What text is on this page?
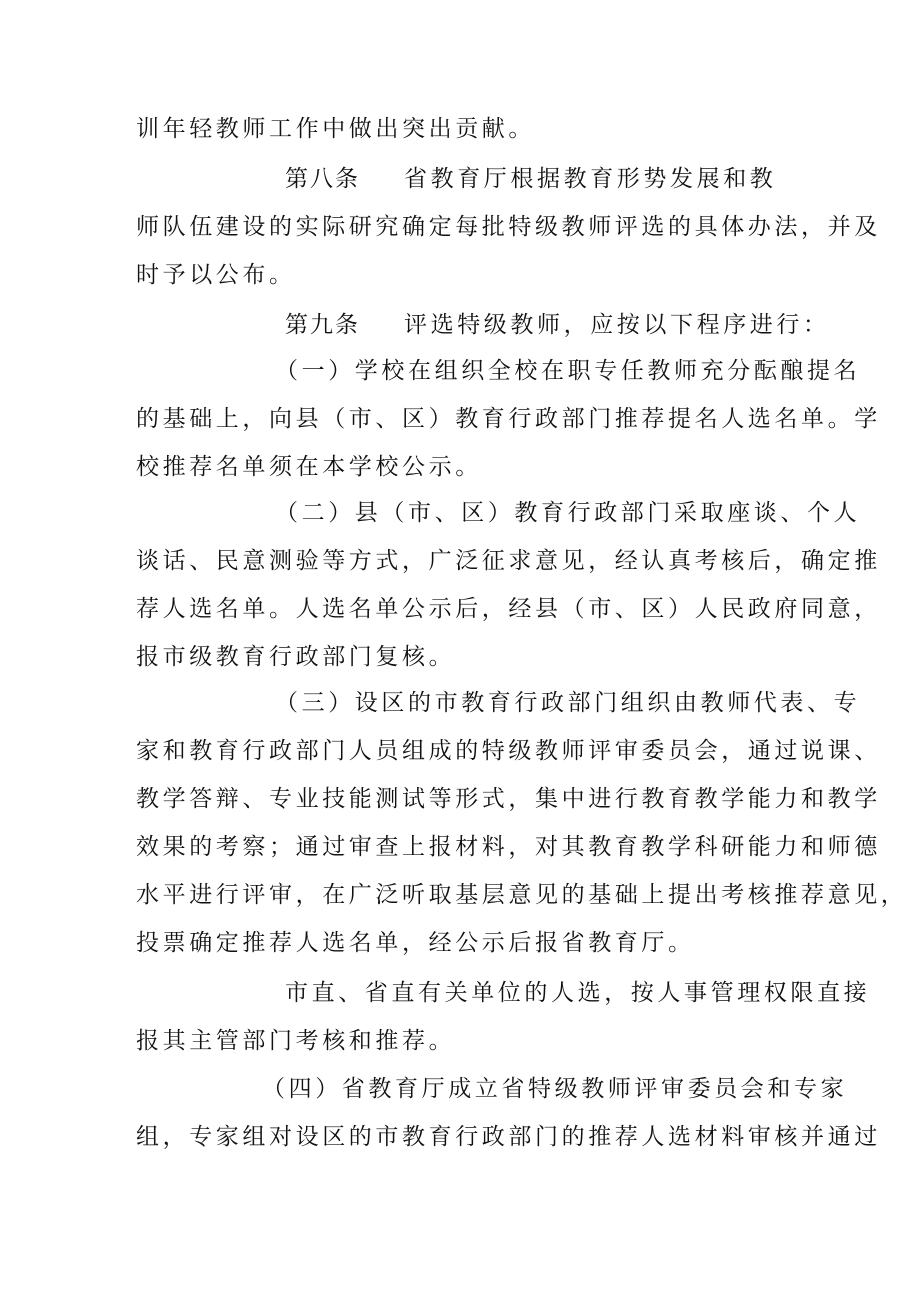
训年轻教师工作中做出突出贡献。
第八条 省教育厅根据教育形势发展和教
师队伍建设的实际研究确定每批特级教师评选的具体办法，并及
时予以公布。
第九条 评选特级教师，应按以下程序进行：
（一）学校在组织全校在职专任教师充分酝酿提名
的基础上，向县（市、区）教育行政部门推荐提名人选名单。学
校推荐名单须在本学校公示。
（二）县（市、区）教育行政部门采取座谈、个人
谈话、民意测验等方式，广泛征求意见，经认真考核后，确定推
荐人选名单。人选名单公示后，经县（市、区）人民政府同意，
报市级教育行政部门复核。
（三）设区的市教育行政部门组织由教师代表、专
家和教育行政部门人员组成的特级教师评审委员会，通过说课、
教学答辩、专业技能测试等形式，集中进行教育教学能力和教学
效果的考察；通过审查上报材料，对其教育教学科研能力和师德
水平进行评审，在广泛听取基层意见的基础上提出考核推荐意见，
投票确定推荐人选名单，经公示后报省教育厅。
市直、省直有关单位的人选，按人事管理权限直接
报其主管部门考核和推荐。
（四）省教育厅成立省特级教师评审委员会和专家
组，专家组对设区的市教育行政部门的推荐人选材料审核并通过
